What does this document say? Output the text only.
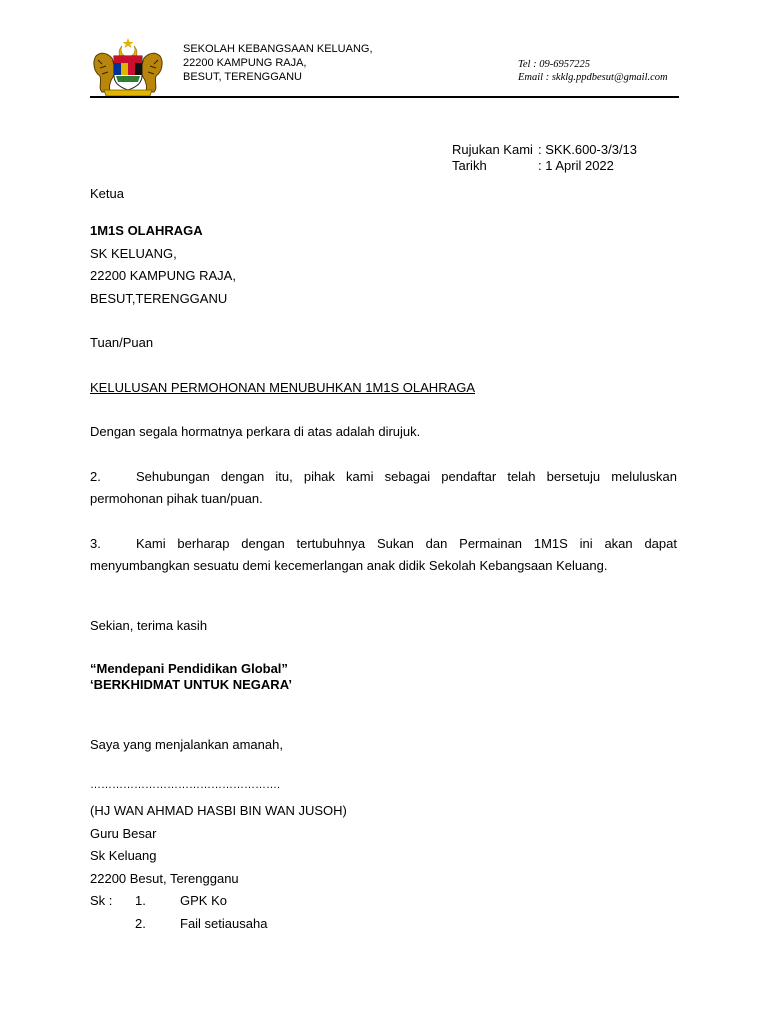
SEKOLAH KEBANGSAAN KELUANG,
22200 KAMPUNG RAJA,
BESUT, TERENGGANU
Tel : 09-6957225
Email : skklg.ppdbesut@gmail.com
Rujukan Kami : SKK.600-3/3/13
Tarikh	: 1 April 2022
Ketua
1M1S OLAHRAGA
SK KELUANG,
22200 KAMPUNG RAJA,
BESUT,TERENGGANU
Tuan/Puan
KELULUSAN PERMOHONAN MENUBUHKAN 1M1S OLAHRAGA
Dengan segala hormatnya perkara di atas adalah dirujuk.
2.	Sehubungan dengan itu, pihak kami sebagai pendaftar telah bersetuju meluluskan permohonan pihak tuan/puan.
3.	Kami berharap dengan tertubuhnya Sukan dan Permainan 1M1S ini akan dapat menyumbangkan sesuatu demi kecemerlangan anak didik Sekolah Kebangsaan Keluang.
Sekian, terima kasih
“Mendepani Pendidikan Global”
‘BERKHIDMAT UNTUK NEGARA’
Saya yang menjalankan amanah,
…………………………………………….
(HJ WAN AHMAD HASBI BIN WAN JUSOH)
Guru Besar
Sk Keluang
22200 Besut, Terengganu
Sk : 1.	GPK Ko
2.	Fail setiausaha
